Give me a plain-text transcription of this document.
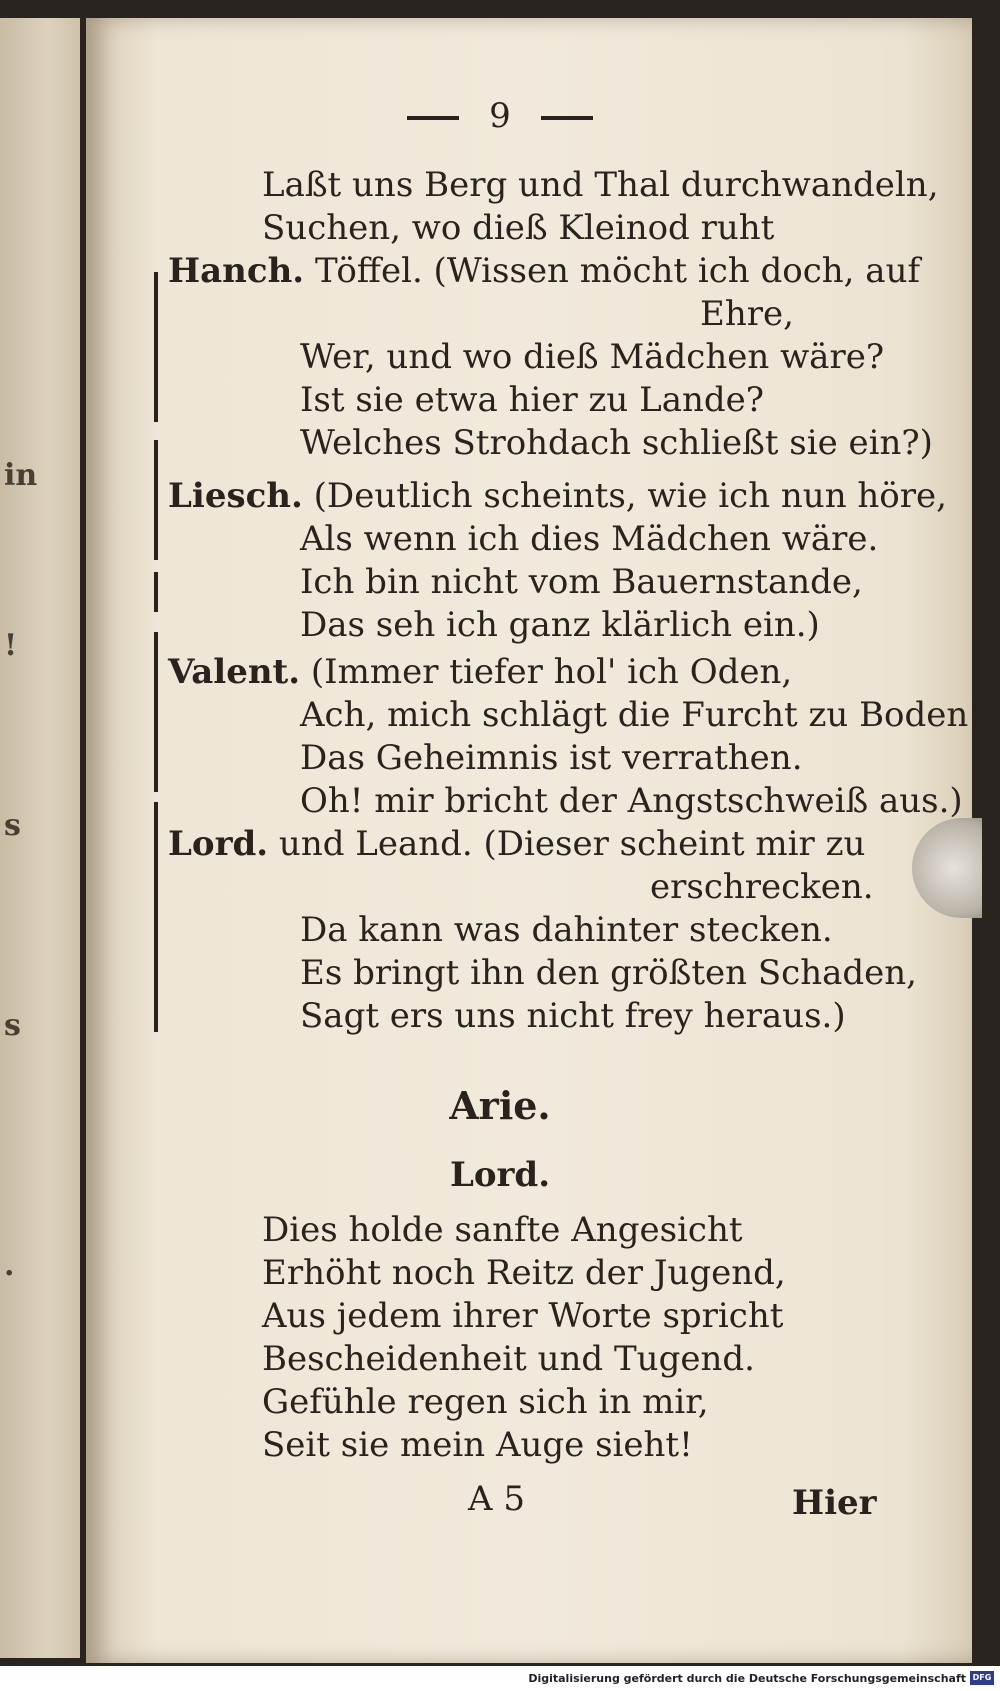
in
!
s
s
.
9
Laßt uns Berg und Thal durchwandeln,
Suchen, wo dieß Kleinod ruht
Hanch. Töffel. (Wissen möcht ich doch, auf
Ehre,
Wer, und wo dieß Mädchen wäre?
Ist sie etwa hier zu Lande?
Welches Strohdach schließt sie ein?)
Liesch. (Deutlich scheints, wie ich nun höre,
Als wenn ich dies Mädchen wäre.
Ich bin nicht vom Bauernstande,
Das seh ich ganz klärlich ein.)
Valent. (Immer tiefer hol' ich Oden,
Ach, mich schlägt die Furcht zu Boden!
Das Geheimnis ist verrathen.
Oh! mir bricht der Angstschweiß aus.)
Lord. und Leand. (Dieser scheint mir zu
erschrecken.
Da kann was dahinter stecken.
Es bringt ihn den größten Schaden,
Sagt ers uns nicht frey heraus.)
Arie.
Lord.
Dies holde sanfte Angesicht
Erhöht noch Reitz der Jugend,
Aus jedem ihrer Worte spricht
Bescheidenheit und Tugend.
Gefühle regen sich in mir,
Seit sie mein Auge sieht!
A 5	Hier
Digitalisierung gefördert durch die Deutsche Forschungsgemeinschaft DFG
